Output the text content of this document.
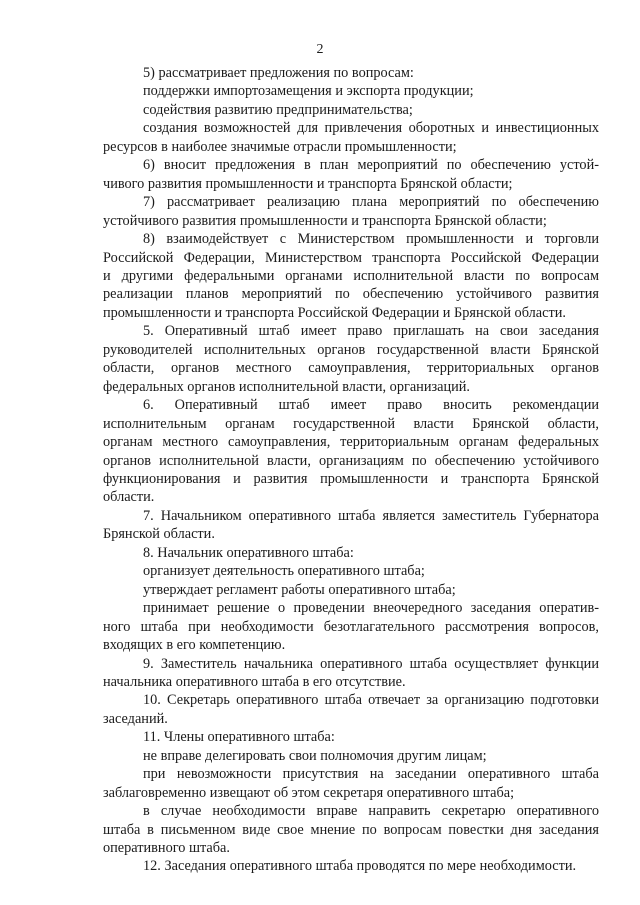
2
5) рассматривает предложения по вопросам:
поддержки импортозамещения и экспорта продукции;
содействия развитию предпринимательства;
создания возможностей для привлечения оборотных и инвестиционных
ресурсов в наиболее значимые отрасли промышленности;
6) вносит предложения в план мероприятий по обеспечению устой-
чивого развития промышленности и транспорта Брянской области;
7) рассматривает реализацию плана мероприятий по обеспечению
устойчивого развития промышленности и транспорта Брянской области;
8) взаимодействует с Министерством промышленности и торговли
Российской Федерации, Министерством транспорта Российской Федерации
и другими федеральными органами исполнительной власти по вопросам
реализации планов мероприятий по обеспечению устойчивого развития
промышленности и транспорта Российской Федерации и Брянской области.
5. Оперативный штаб имеет право приглашать на свои заседания
руководителей исполнительных органов государственной власти Брянской
области, органов местного самоуправления, территориальных органов
федеральных органов исполнительной власти, организаций.
6. Оперативный штаб имеет право вносить рекомендации
исполнительным органам государственной власти Брянской области,
органам местного самоуправления, территориальным органам федеральных
органов исполнительной власти, организациям по обеспечению устойчивого
функционирования и развития промышленности и транспорта Брянской
области.
7. Начальником оперативного штаба является заместитель Губернатора
Брянской области.
8. Начальник оперативного штаба:
организует деятельность оперативного штаба;
утверждает регламент работы оперативного штаба;
принимает решение о проведении внеочередного заседания оператив-
ного штаба при необходимости безотлагательного рассмотрения вопросов,
входящих в его компетенцию.
9. Заместитель начальника оперативного штаба осуществляет функции
начальника оперативного штаба в его отсутствие.
10. Секретарь оперативного штаба отвечает за организацию подготовки
заседаний.
11. Члены оперативного штаба:
не вправе делегировать свои полномочия другим лицам;
при невозможности присутствия на заседании оперативного штаба
заблаговременно извещают об этом секретаря оперативного штаба;
в случае необходимости вправе направить секретарю оперативного
штаба в письменном виде свое мнение по вопросам повестки дня заседания
оперативного штаба.
12. Заседания оперативного штаба проводятся по мере необходимости.
